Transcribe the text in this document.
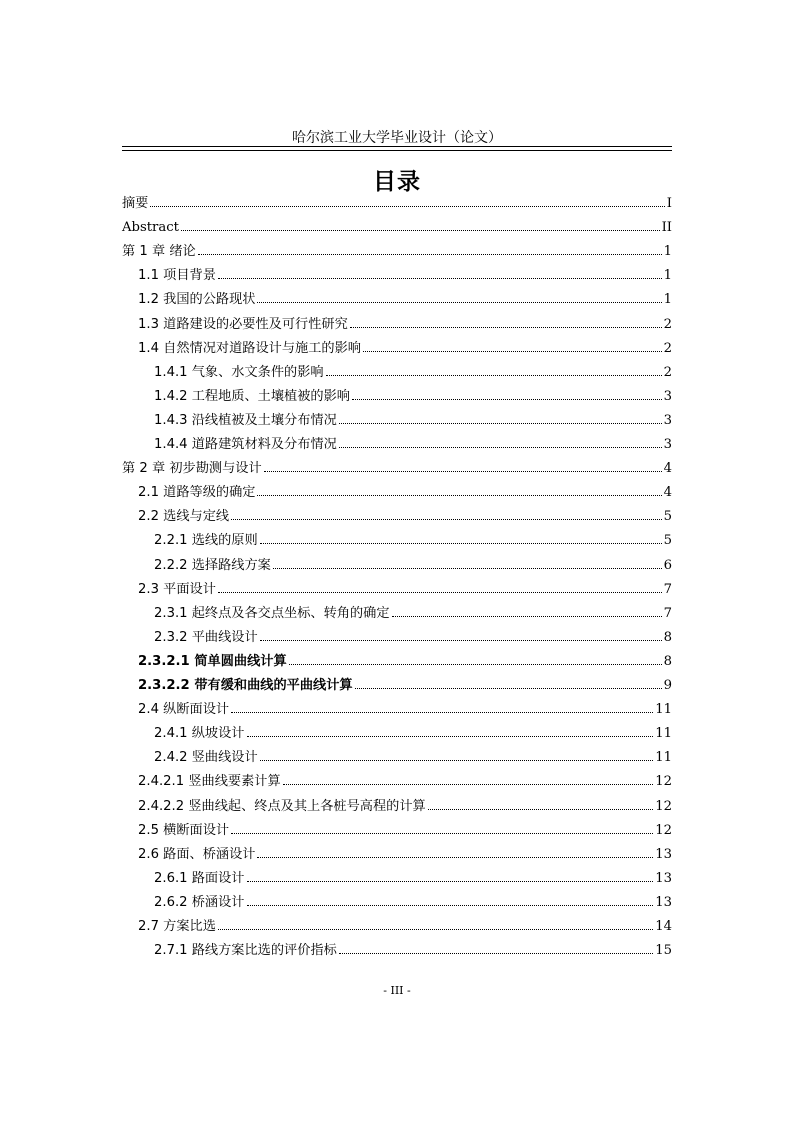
哈尔滨工业大学毕业设计（论文）
目录
摘要	I
Abstract	II
第 1 章 绪论	1
1.1 项目背景	1
1.2 我国的公路现状	1
1.3 道路建设的必要性及可行性研究	2
1.4 自然情况对道路设计与施工的影响	2
1.4.1 气象、水文条件的影响	2
1.4.2 工程地质、土壤植被的影响	3
1.4.3 沿线植被及土壤分布情况	3
1.4.4 道路建筑材料及分布情况	3
第 2 章 初步勘测与设计	4
2.1 道路等级的确定	4
2.2 选线与定线	5
2.2.1 选线的原则	5
2.2.2 选择路线方案	6
2.3 平面设计	7
2.3.1 起终点及各交点坐标、转角的确定	7
2.3.2 平曲线设计	8
2.3.2.1 简单圆曲线计算	8
2.3.2.2 带有缓和曲线的平曲线计算	9
2.4 纵断面设计	11
2.4.1 纵坡设计	11
2.4.2 竖曲线设计	11
2.4.2.1 竖曲线要素计算	12
2.4.2.2 竖曲线起、终点及其上各桩号高程的计算	12
2.5 横断面设计	12
2.6 路面、桥涵设计	13
2.6.1 路面设计	13
2.6.2 桥涵设计	13
2.7 方案比选	14
2.7.1 路线方案比选的评价指标	15
- III -
